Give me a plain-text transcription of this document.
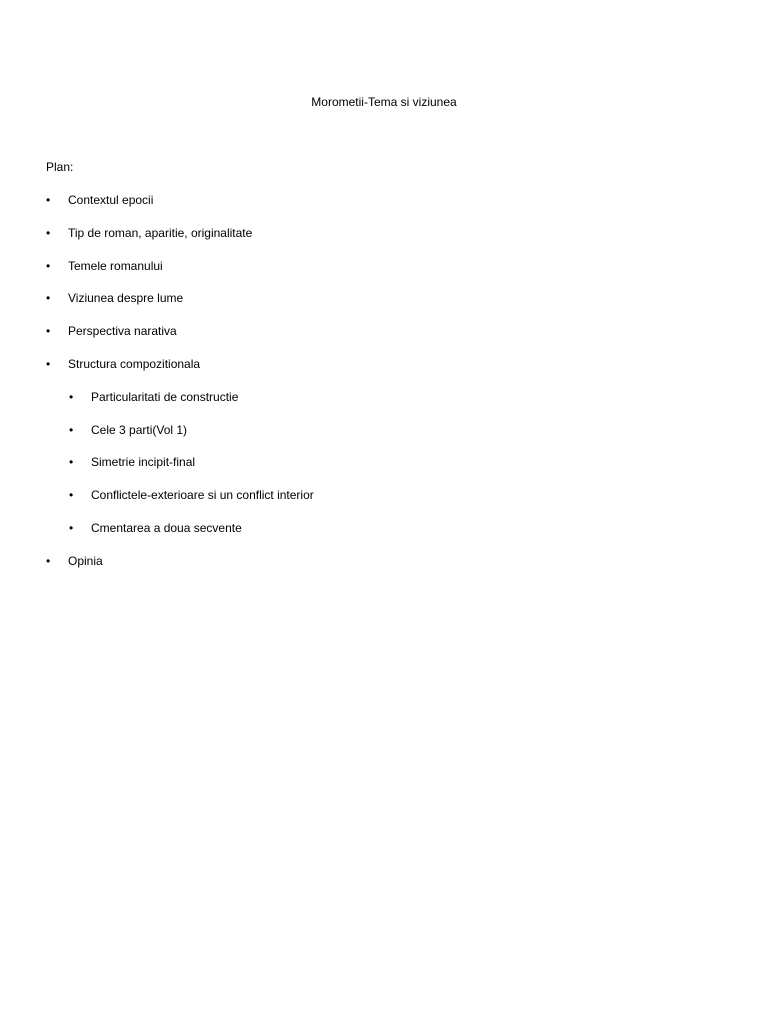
Morometii-Tema si viziunea
Plan:
•	Contextul epocii
•	Tip de roman, aparitie, originalitate
•	Temele romanului
•	Viziunea despre lume
•	Perspectiva narativa
•	Structura compozitionala
•	Particularitati de constructie
•	Cele 3 parti(Vol 1)
•	Simetrie incipit-final
•	Conflictele-exterioare si un conflict interior
•	Cmentarea a doua secvente
•	Opinia
